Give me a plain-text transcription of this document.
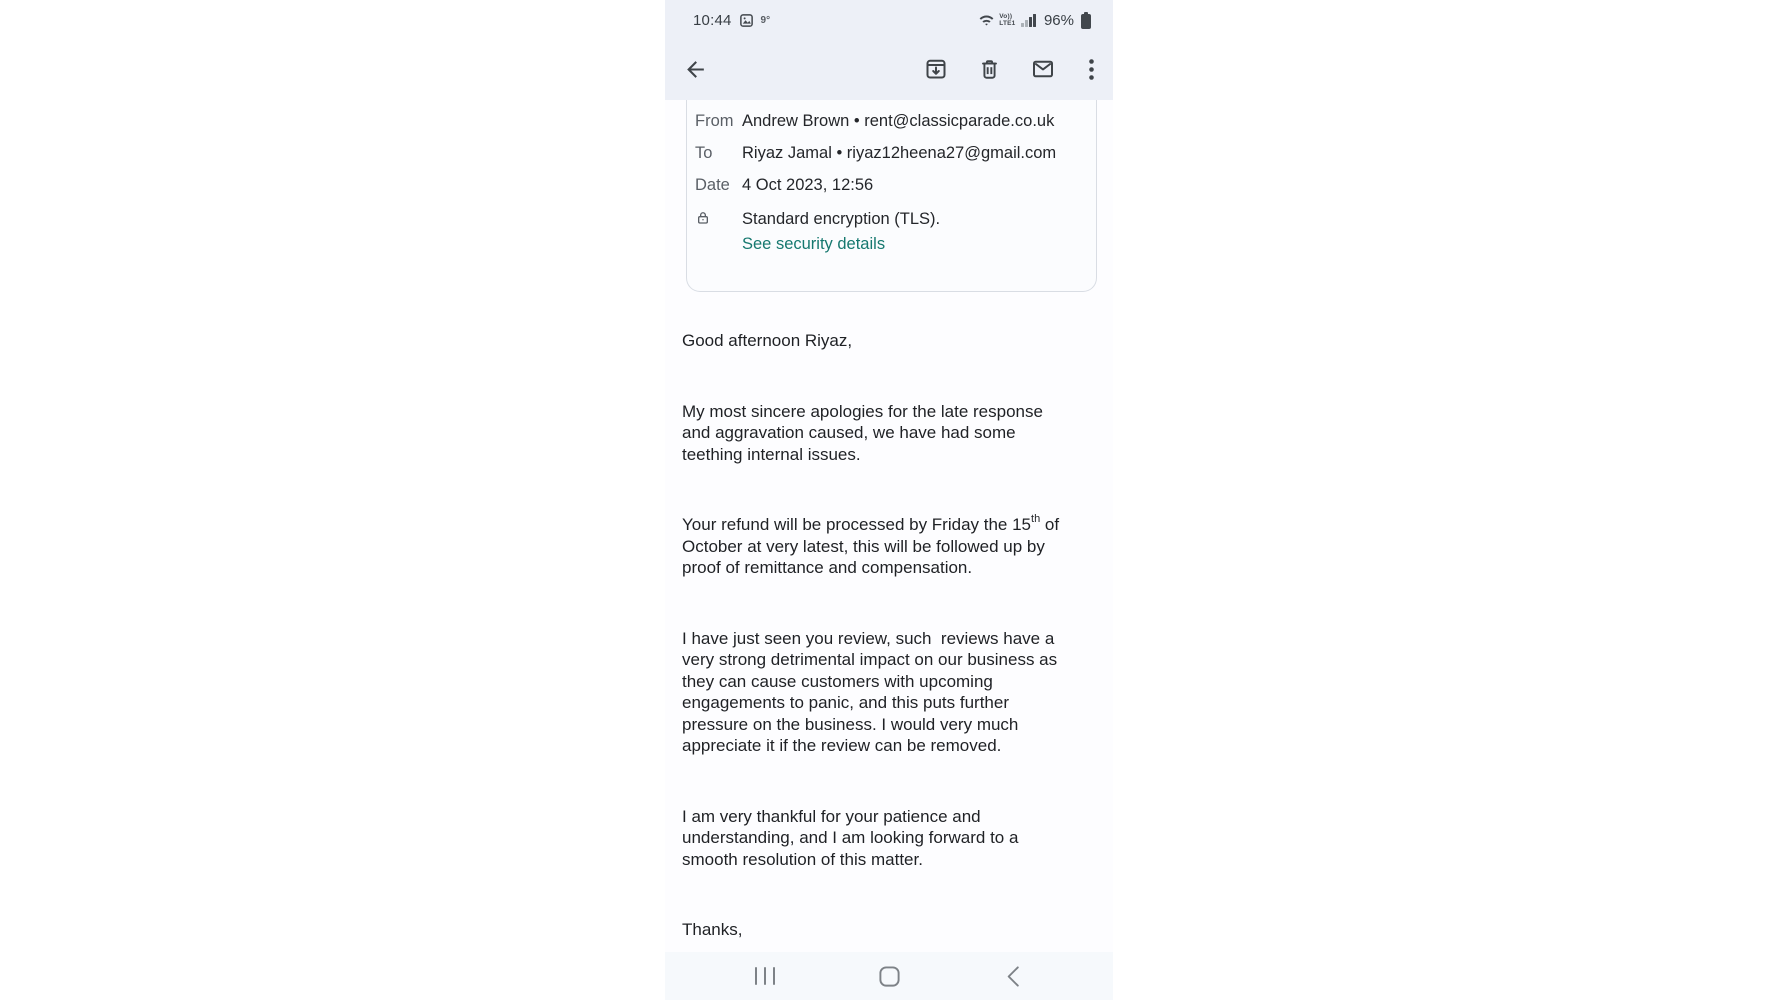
10:44	9°	Vo))
LTE1 96%
From Andrew Brown • rent@classicparade.co.uk
To	Riyaz Jamal • riyaz12heena27@gmail.com
Date 4 Oct 2023, 12:56
Standard encryption (TLS).
See security details

Good afternoon Riyaz,

My most sincere apologies for the late response
and aggravation caused, we have had some
teething internal issues.

Your refund will be processed by Friday the 15th of
October at very latest, this will be followed up by
proof of remittance and compensation.

I have just seen you review, such  reviews have a
very strong detrimental impact on our business as
they can cause customers with upcoming
engagements to panic, and this puts further
pressure on the business. I would very much
appreciate it if the review can be removed.

I am very thankful for your patience and
understanding, and I am looking forward to a
smooth resolution of this matter.

Thanks,
